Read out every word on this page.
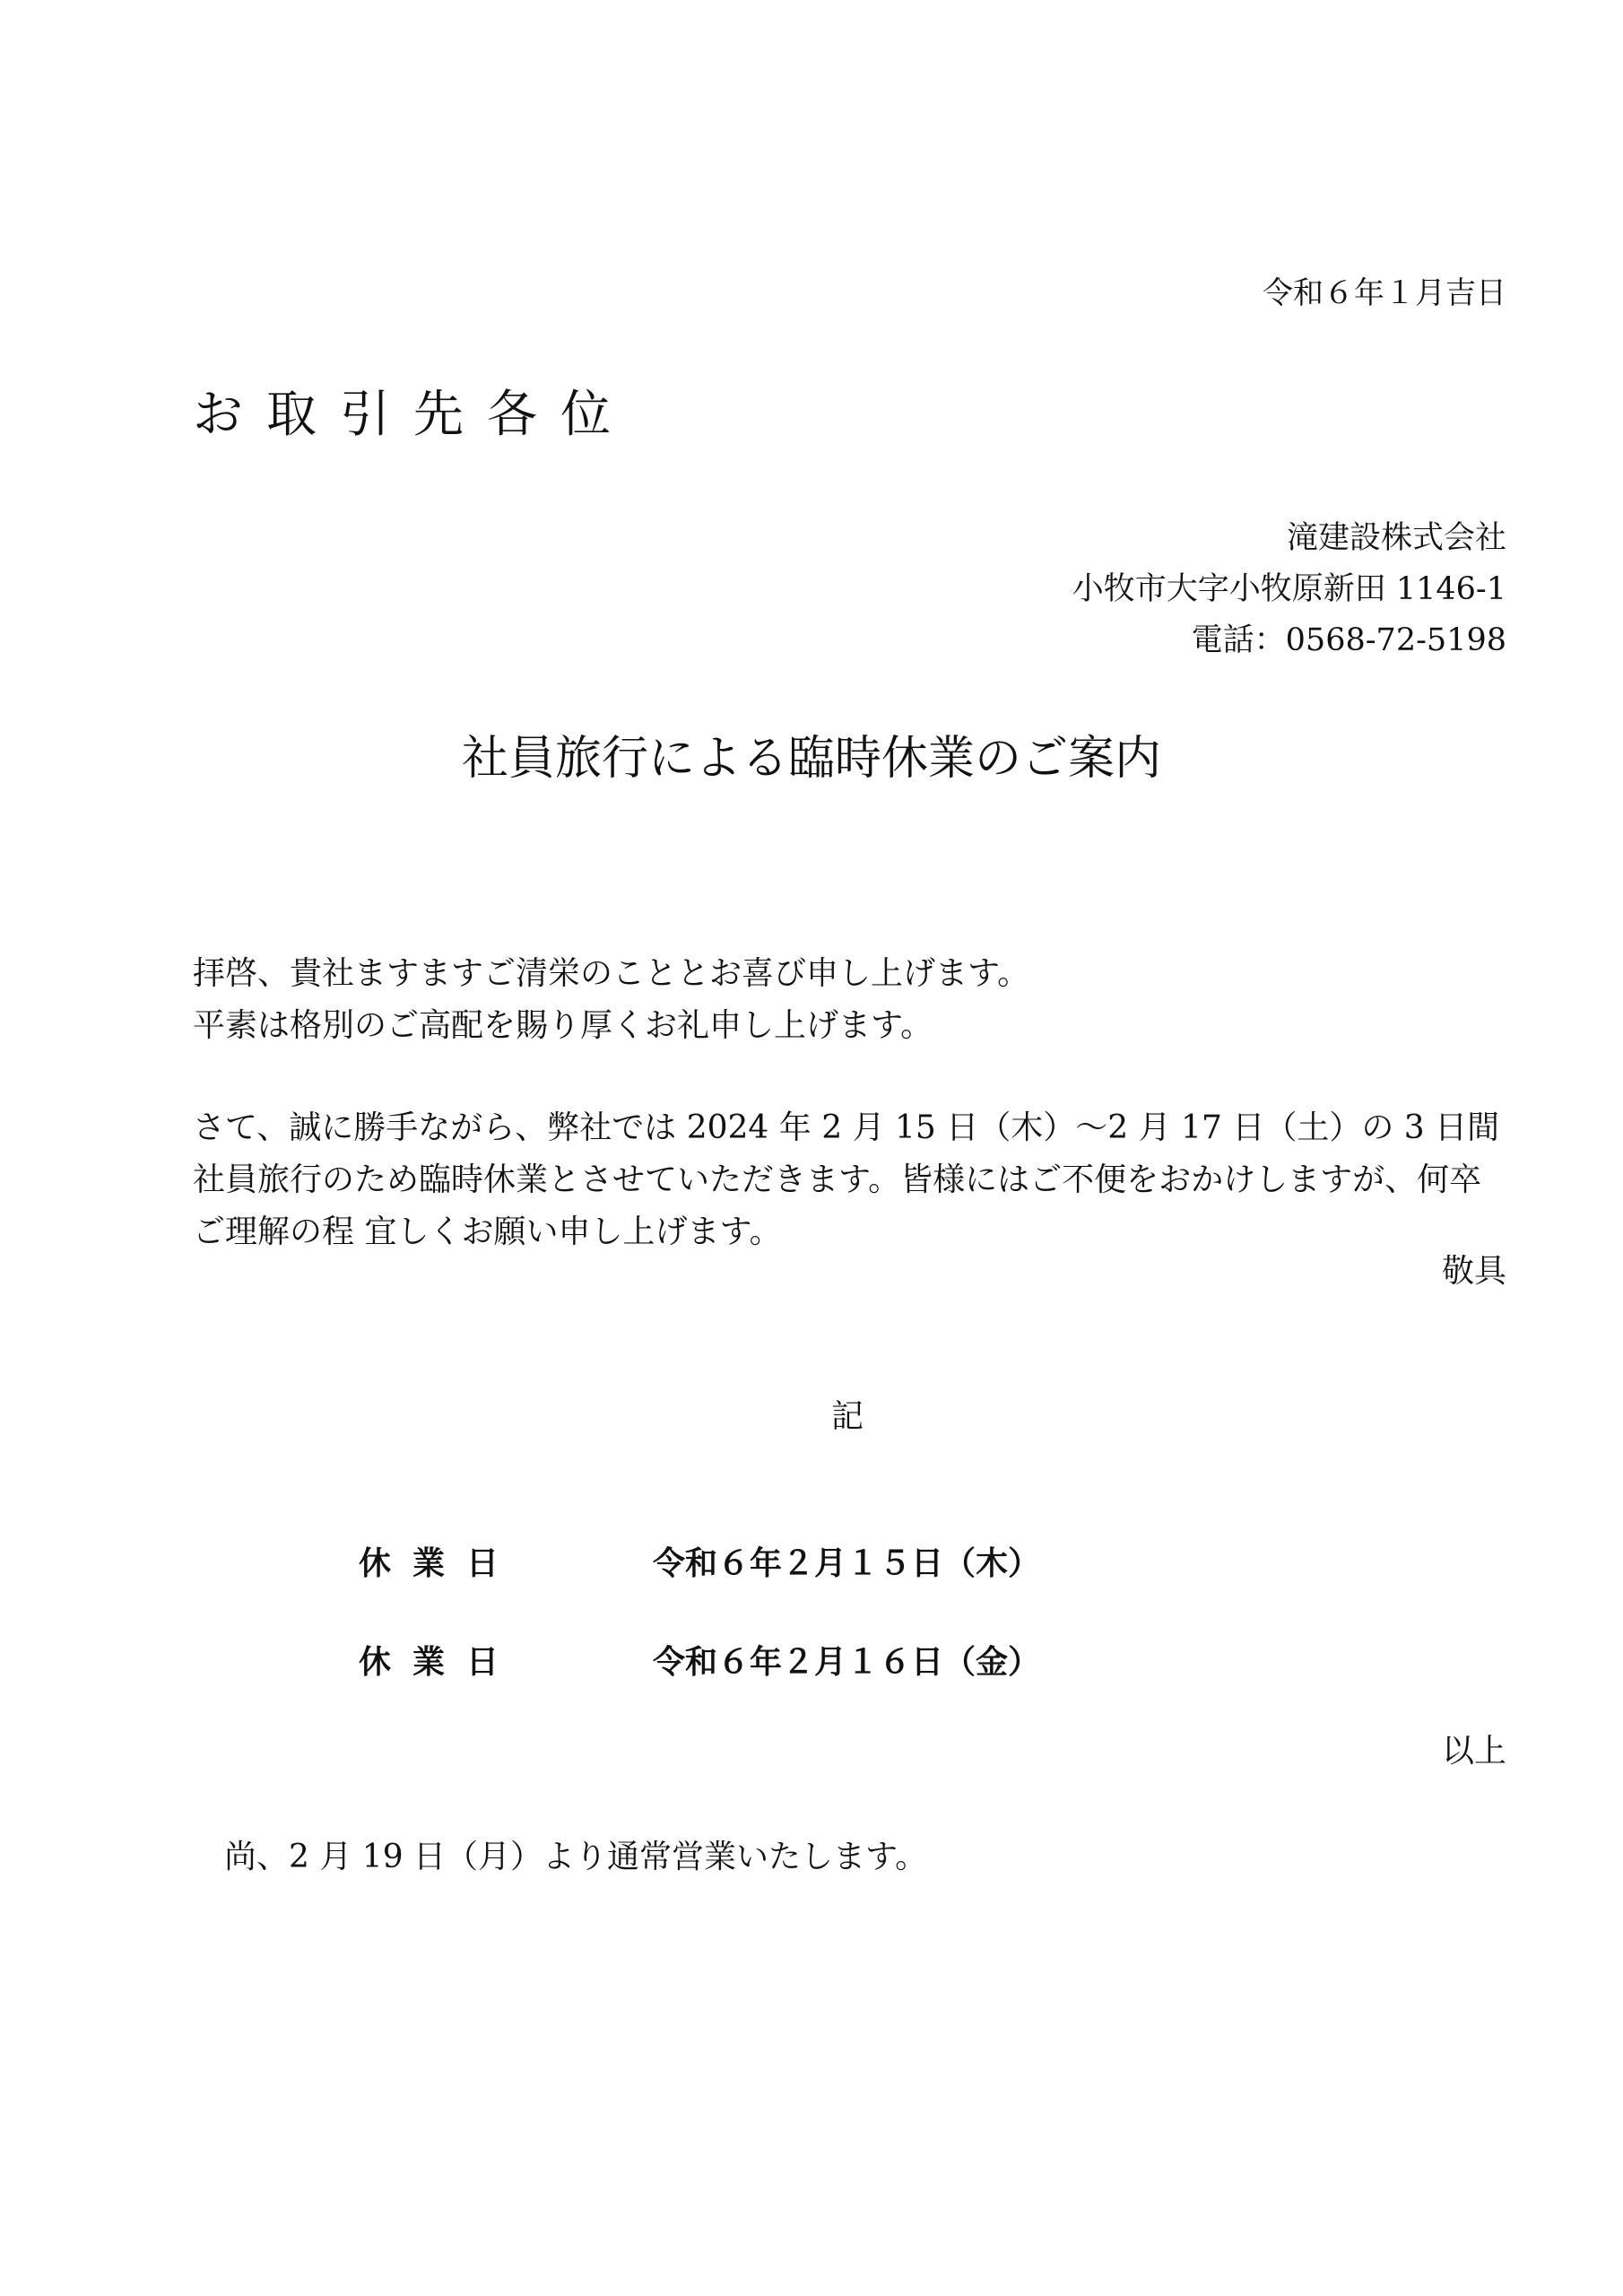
令和６年１月吉日
お取引先各位
滝建設株式会社
小牧市大字小牧原新田 1146-1
電話：0568-72-5198
社員旅行による臨時休業のご案内
拝啓、貴社ますますご清栄のこととお喜び申し上げます。
平素は格別のご高配を賜り厚くお礼申し上げます。
さて、誠に勝手ながら、弊社では 2024 年 2 月 15 日（木）～2 月 17 日（土）の 3 日間
社員旅行のため臨時休業とさせていただきます。皆様にはご不便をおかけしますが、何卒
ご理解の程 宜しくお願い申し上げます。
敬具
記
休業日	令和６年２月１５日（木）
休業日	令和６年２月１６日（金）
以上
尚、2 月 19 日（月）より通常営業いたします。
